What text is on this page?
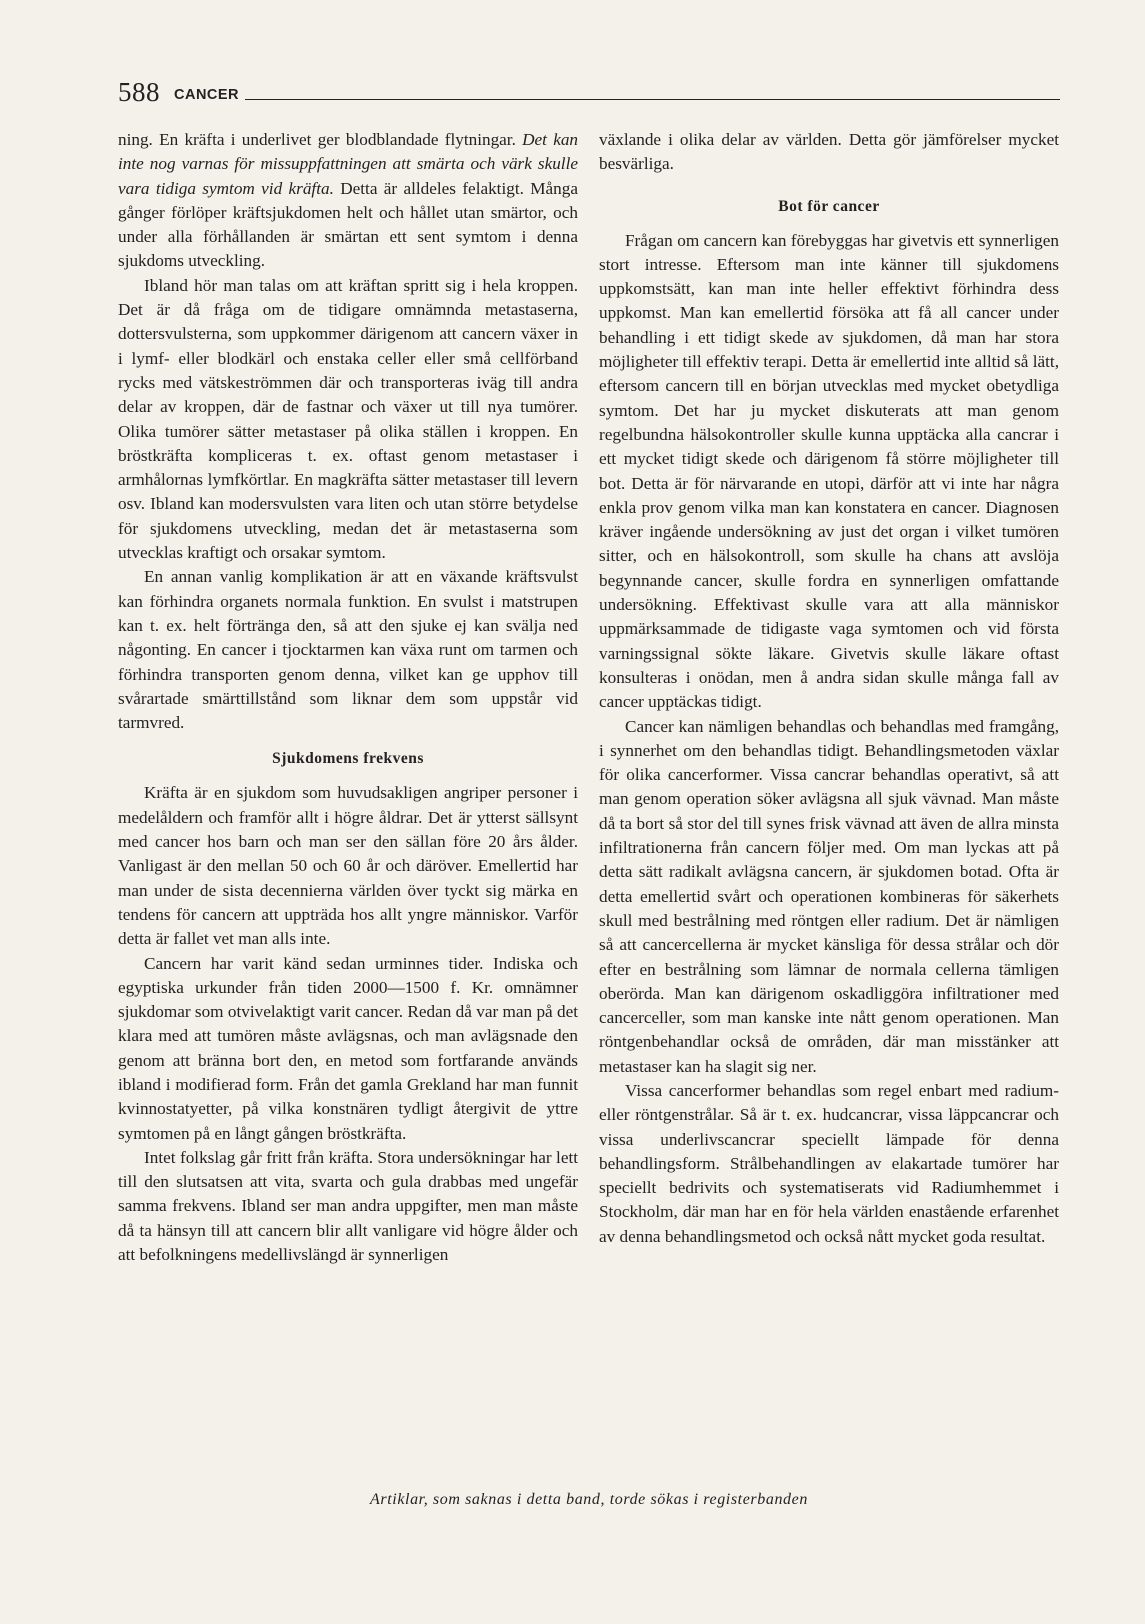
588 CANCER

ning. En kräfta i underlivet ger blodblandade flytningar. Det kan inte nog varnas för missuppfattningen att smärta och värk skulle vara tidiga symtom vid kräfta. Detta är alldeles felaktigt. Många gånger förlöper kräftsjukdomen helt och hållet utan smärtor, och under alla förhållanden är smärtan ett sent symtom i denna sjukdoms utveckling.

Ibland hör man talas om att kräftan spritt sig i hela kroppen. Det är då fråga om de tidigare omnämnda metastaserna, dottersvulsterna, som uppkommer därigenom att cancern växer in i lymf- eller blodkärl och enstaka celler eller små cellförband rycks med vätskeströmmen där och transporteras iväg till andra delar av kroppen, där de fastnar och växer ut till nya tumörer. Olika tumörer sätter metastaser på olika ställen i kroppen. En bröstkräfta kompliceras t. ex. oftast genom metastaser i armhålornas lymfkörtlar. En magkräfta sätter metastaser till levern osv. Ibland kan modersvulsten vara liten och utan större betydelse för sjukdomens utveckling, medan det är metastaserna som utvecklas kraftigt och orsakar symtom.

En annan vanlig komplikation är att en växande kräftsvulst kan förhindra organets normala funktion. En svulst i matstrupen kan t. ex. helt förtränga den, så att den sjuke ej kan svälja ned någonting. En cancer i tjocktarmen kan växa runt om tarmen och förhindra transporten genom denna, vilket kan ge upphov till svårartade smärttillstånd som liknar dem som uppstår vid tarmvred.

Sjukdomens frekvens

Kräfta är en sjukdom som huvudsakligen angriper personer i medelåldern och framför allt i högre åldrar. Det är ytterst sällsynt med cancer hos barn och man ser den sällan före 20 års ålder. Vanligast är den mellan 50 och 60 år och däröver. Emellertid har man under de sista decennierna världen över tyckt sig märka en tendens för cancern att uppträda hos allt yngre människor. Varför detta är fallet vet man alls inte.

Cancern har varit känd sedan urminnes tider. Indiska och egyptiska urkunder från tiden 2000—1500 f. Kr. omnämner sjukdomar som otvivelaktigt varit cancer. Redan då var man på det klara med att tumören måste avlägsnas, och man avlägsnade den genom att bränna bort den, en metod som fortfarande används ibland i modifierad form. Från det gamla Grekland har man funnit kvinnostatyetter, på vilka konstnären tydligt återgivit de yttre symtomen på en långt gången bröstkräfta.

Intet folkslag går fritt från kräfta. Stora undersökningar har lett till den slutsatsen att vita, svarta och gula drabbas med ungefär samma frekvens. Ibland ser man andra uppgifter, men man måste då ta hänsyn till att cancern blir allt vanligare vid högre ålder och att befolkningens medellivslängd är synnerligen

växlande i olika delar av världen. Detta gör jämförelser mycket besvärliga.

Bot för cancer

Frågan om cancern kan förebyggas har givetvis ett synnerligen stort intresse. Eftersom man inte känner till sjukdomens uppkomstsätt, kan man inte heller effektivt förhindra dess uppkomst. Man kan emellertid försöka att få all cancer under behandling i ett tidigt skede av sjukdomen, då man har stora möjligheter till effektiv terapi. Detta är emellertid inte alltid så lätt, eftersom cancern till en början utvecklas med mycket obetydliga symtom. Det har ju mycket diskuterats att man genom regelbundna hälsokontroller skulle kunna upptäcka alla cancrar i ett mycket tidigt skede och därigenom få större möjligheter till bot. Detta är för närvarande en utopi, därför att vi inte har några enkla prov genom vilka man kan konstatera en cancer. Diagnosen kräver ingående undersökning av just det organ i vilket tumören sitter, och en hälsokontroll, som skulle ha chans att avslöja begynnande cancer, skulle fordra en synnerligen omfattande undersökning. Effektivast skulle vara att alla människor uppmärksammade de tidigaste vaga symtomen och vid första varningssignal sökte läkare. Givetvis skulle läkare oftast konsulteras i onödan, men å andra sidan skulle många fall av cancer upptäckas tidigt.

Cancer kan nämligen behandlas och behandlas med framgång, i synnerhet om den behandlas tidigt. Behandlingsmetoden växlar för olika cancerformer. Vissa cancrar behandlas operativt, så att man genom operation söker avlägsna all sjuk vävnad. Man måste då ta bort så stor del till synes frisk vävnad att även de allra minsta infiltrationerna från cancern följer med. Om man lyckas att på detta sätt radikalt avlägsna cancern, är sjukdomen botad. Ofta är detta emellertid svårt och operationen kombineras för säkerhets skull med bestrålning med röntgen eller radium. Det är nämligen så att cancercellerna är mycket känsliga för dessa strålar och dör efter en bestrålning som lämnar de normala cellerna tämligen oberörda. Man kan därigenom oskadliggöra infiltrationer med cancerceller, som man kanske inte nått genom operationen. Man röntgenbehandlar också de områden, där man misstänker att metastaser kan ha slagit sig ner.

Vissa cancerformer behandlas som regel enbart med radium- eller röntgenstrålar. Så är t. ex. hudcancrar, vissa läppcancrar och vissa underlivscancrar speciellt lämpade för denna behandlingsform. Strålbehandlingen av elakartade tumörer har speciellt bedrivits och systematiserats vid Radiumhemmet i Stockholm, där man har en för hela världen enastående erfarenhet av denna behandlingsmetod och också nått mycket goda resultat.

Artiklar, som saknas i detta band, torde sökas i registerbanden
